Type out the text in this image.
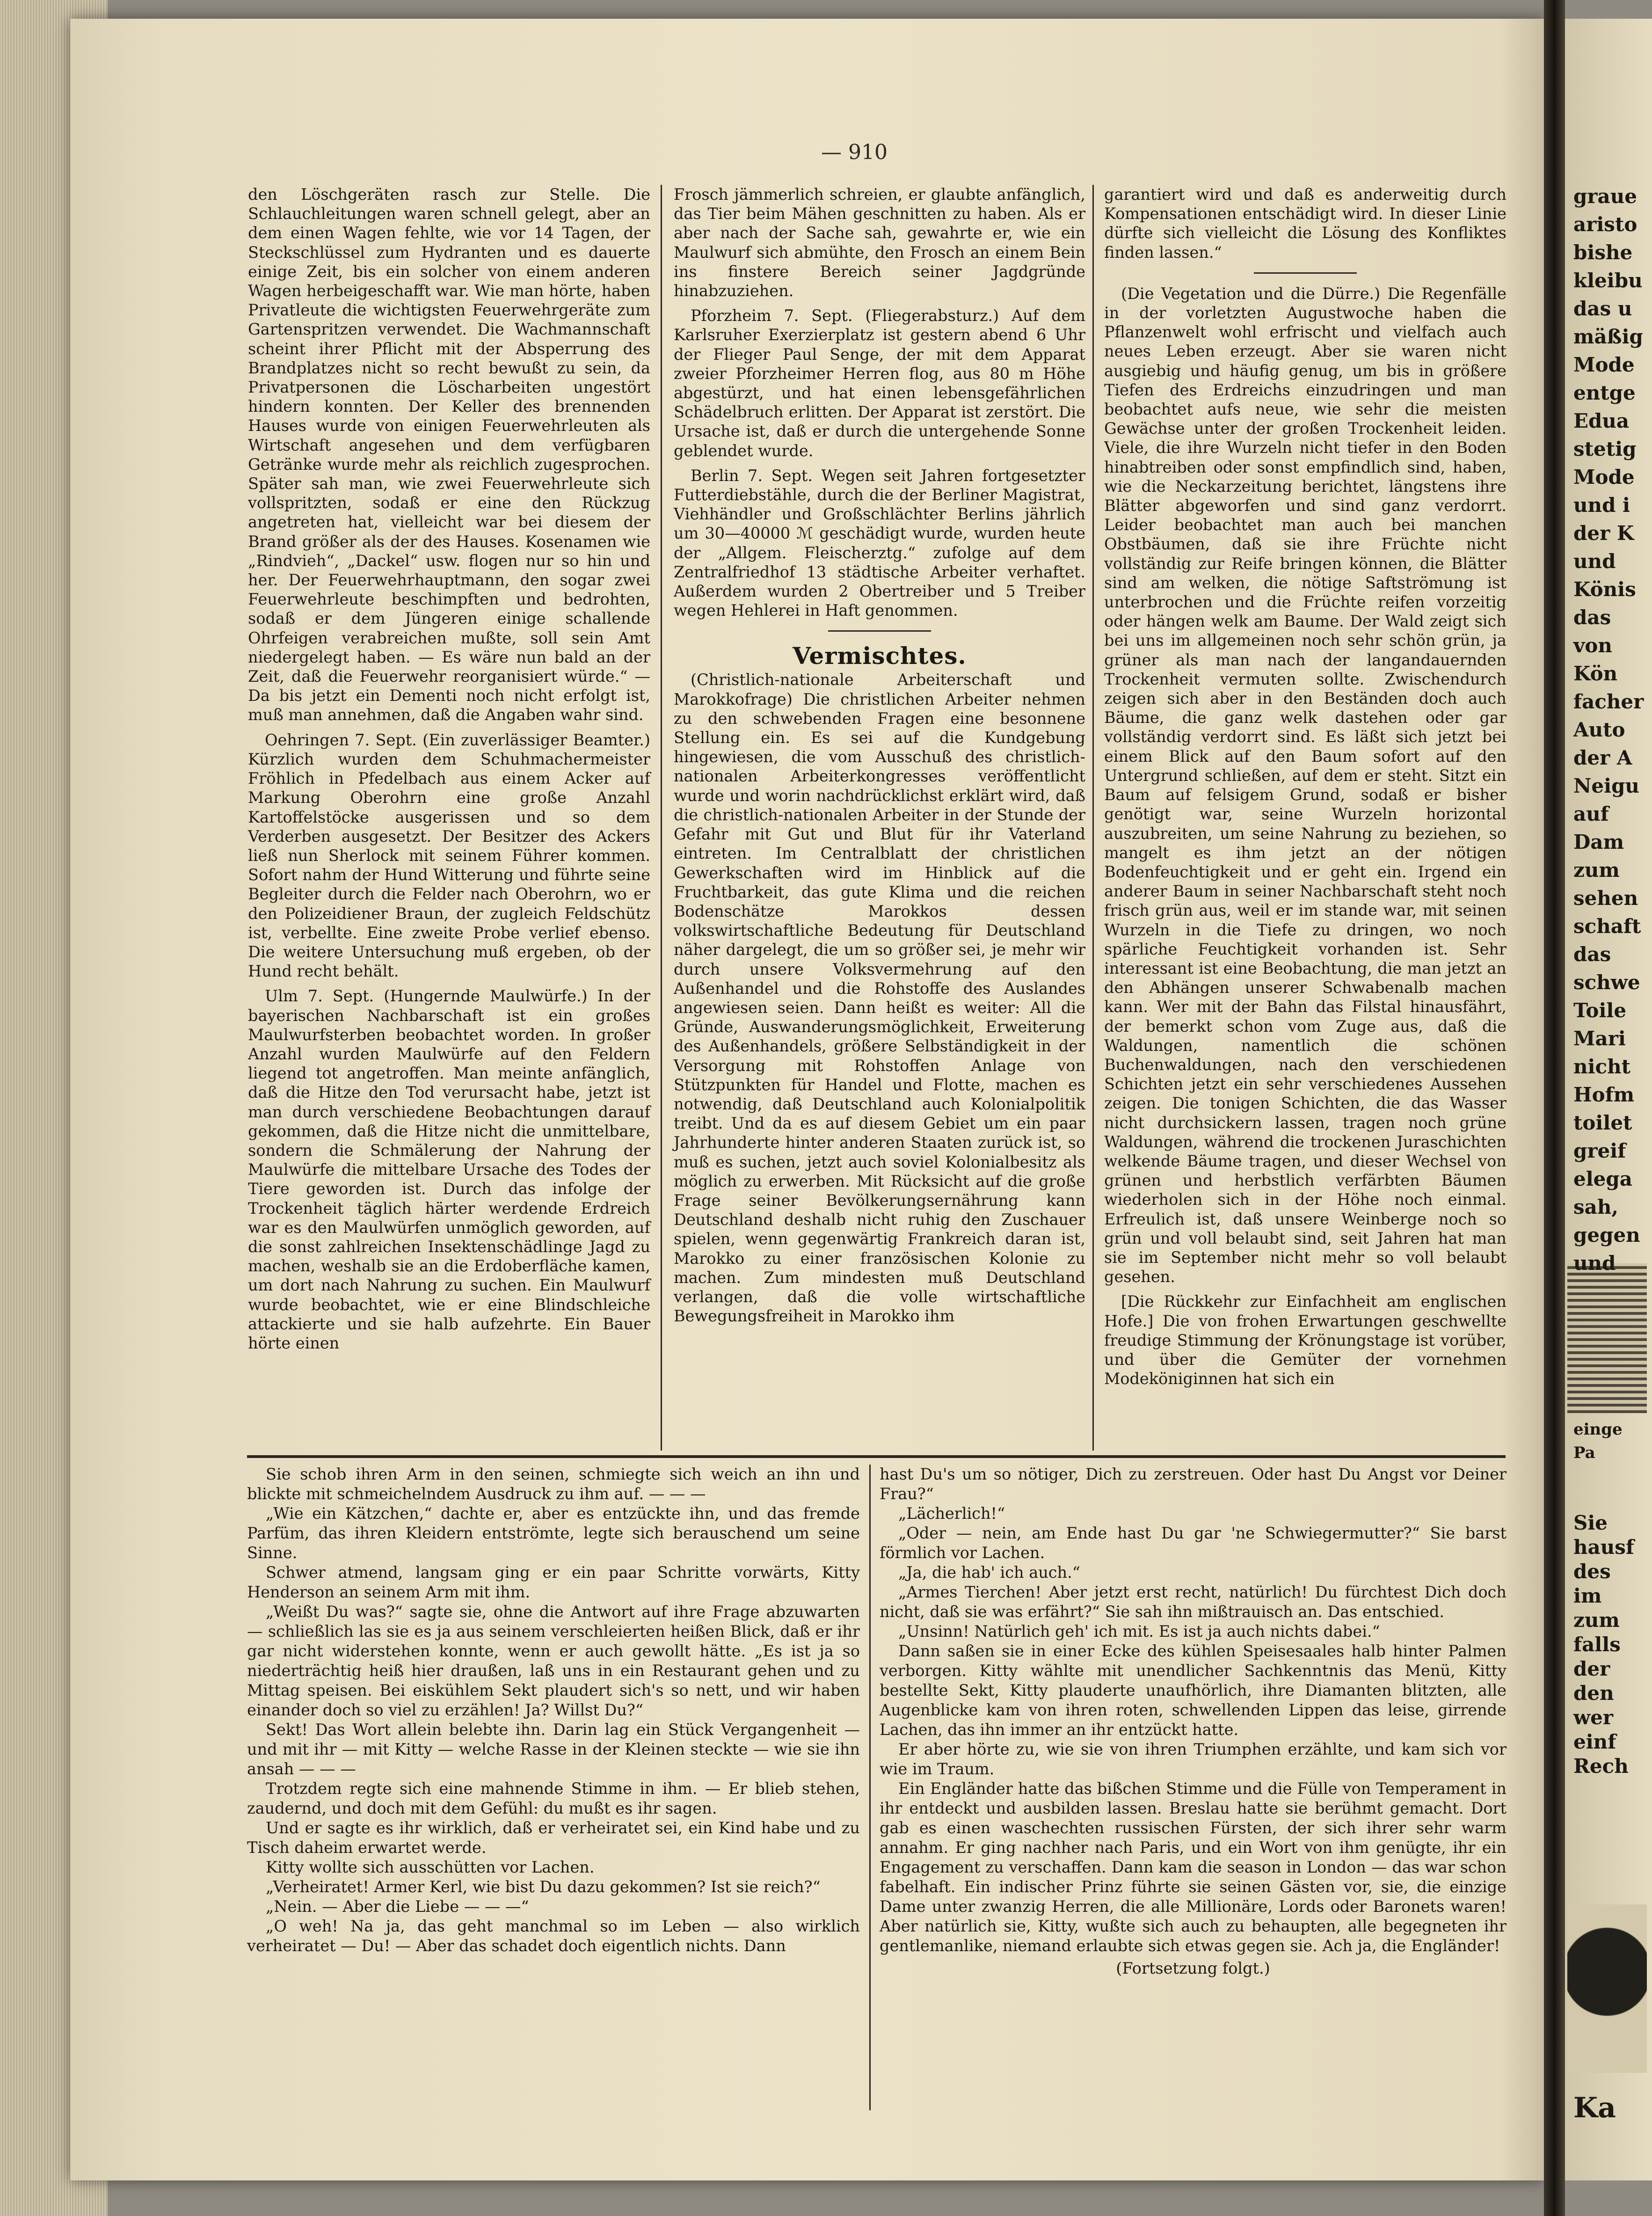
graue
aristo
bishe
kleibu
das u
mäßig
Mode
entge
Edua
stetig
Mode
und i
der K
und
Könis
das
von
Kön
facher
Auto
der A
Neigu
auf
Dam
zum
sehen
schaft
das
schwe
Toile
Mari
nicht
Hofm
toilet
greif
elega
sah,
gegen
und
Sie
hausf
des
im
zum
falls
der
den
wer
einf
Rech
einge
Pa
Ka
— 910

den Löschgeräten rasch zur Stelle. Die Schlauchleitungen waren schnell gelegt, aber an dem einen Wagen fehlte, wie vor 14 Tagen, der Steckschlüssel zum Hydranten und es dauerte einige Zeit, bis ein solcher von einem anderen Wagen herbeigeschafft war. Wie man hörte, haben Privatleute die wichtigsten Feuerwehrgeräte zum Gartenspritzen verwendet. Die Wachmannschaft scheint ihrer Pflicht mit der Absperrung des Brandplatzes nicht so recht bewußt zu sein, da Privatpersonen die Löscharbeiten ungestört hindern konnten. Der Keller des brennenden Hauses wurde von einigen Feuerwehrleuten als Wirtschaft angesehen und dem verfügbaren Getränke wurde mehr als reichlich zugesprochen. Später sah man, wie zwei Feuerwehrleute sich vollspritzten, sodaß er eine den Rückzug angetreten hat, vielleicht war bei diesem der Brand größer als der des Hauses. Kosenamen wie „Rindvieh“, „Dackel“ usw. flogen nur so hin und her. Der Feuerwehrhauptmann, den sogar zwei Feuerwehrleute beschimpften und bedrohten, sodaß er dem Jüngeren einige schallende Ohrfeigen verabreichen mußte, soll sein Amt niedergelegt haben. — Es wäre nun bald an der Zeit, daß die Feuerwehr reorganisiert würde.“ — Da bis jetzt ein Dementi noch nicht erfolgt ist, muß man annehmen, daß die Angaben wahr sind.

Oehringen 7. Sept. (Ein zuverlässiger Beamter.) Kürzlich wurden dem Schuhmachermeister Fröhlich in Pfedelbach aus einem Acker auf Markung Oberohrn eine große Anzahl Kartoffelstöcke ausgerissen und so dem Verderben ausgesetzt. Der Besitzer des Ackers ließ nun Sherlock mit seinem Führer kommen. Sofort nahm der Hund Witterung und führte seine Begleiter durch die Felder nach Oberohrn, wo er den Polizeidiener Braun, der zugleich Feldschütz ist, verbellte. Eine zweite Probe verlief ebenso. Die weitere Untersuchung muß ergeben, ob der Hund recht behält.

Ulm 7. Sept. (Hungernde Maulwürfe.) In der bayerischen Nachbarschaft ist ein großes Maulwurfsterben beobachtet worden. In großer Anzahl wurden Maulwürfe auf den Feldern liegend tot angetroffen. Man meinte anfänglich, daß die Hitze den Tod verursacht habe, jetzt ist man durch verschiedene Beobachtungen darauf gekommen, daß die Hitze nicht die unmittelbare, sondern die Schmälerung der Nahrung der Maulwürfe die mittelbare Ursache des Todes der Tiere geworden ist. Durch das infolge der Trockenheit täglich härter werdende Erdreich war es den Maulwürfen unmöglich geworden, auf die sonst zahlreichen Insektenschädlinge Jagd zu machen, weshalb sie an die Erdoberfläche kamen, um dort nach Nahrung zu suchen. Ein Maulwurf wurde beobachtet, wie er eine Blindschleiche attackierte und sie halb aufzehrte. Ein Bauer hörte einen

Frosch jämmerlich schreien, er glaubte anfänglich, das Tier beim Mähen geschnitten zu haben. Als er aber nach der Sache sah, gewahrte er, wie ein Maulwurf sich abmühte, den Frosch an einem Bein ins finstere Bereich seiner Jagdgründe hinabzuziehen.

Pforzheim 7. Sept. (Fliegerabsturz.) Auf dem Karlsruher Exerzierplatz ist gestern abend 6 Uhr der Flieger Paul Senge, der mit dem Apparat zweier Pforzheimer Herren flog, aus 80 m Höhe abgestürzt, und hat einen lebensgefährlichen Schädelbruch erlitten. Der Apparat ist zerstört. Die Ursache ist, daß er durch die untergehende Sonne geblendet wurde.

Berlin 7. Sept. Wegen seit Jahren fortgesetzter Futterdiebstähle, durch die der Berliner Magistrat, Viehhändler und Großschlächter Berlins jährlich um 30—40000 ℳ geschädigt wurde, wurden heute der „Allgem. Fleischerztg.“ zufolge auf dem Zentralfriedhof 13 städtische Arbeiter verhaftet. Außerdem wurden 2 Obertreiber und 5 Treiber wegen Hehlerei in Haft genommen.

Vermischtes.

(Christlich-nationale Arbeiterschaft und Marokkofrage) Die christlichen Arbeiter nehmen zu den schwebenden Fragen eine besonnene Stellung ein. Es sei auf die Kundgebung hingewiesen, die vom Ausschuß des christlich-nationalen Arbeiterkongresses veröffentlicht wurde und worin nachdrücklichst erklärt wird, daß die christlich-nationalen Arbeiter in der Stunde der Gefahr mit Gut und Blut für ihr Vaterland eintreten. Im Centralblatt der christlichen Gewerkschaften wird im Hinblick auf die Fruchtbarkeit, das gute Klima und die reichen Bodenschätze Marokkos dessen volkswirtschaftliche Bedeutung für Deutschland näher dargelegt, die um so größer sei, je mehr wir durch unsere Volksvermehrung auf den Außenhandel und die Rohstoffe des Auslandes angewiesen seien. Dann heißt es weiter: All die Gründe, Auswanderungsmöglichkeit, Erweiterung des Außenhandels, größere Selbständigkeit in der Versorgung mit Rohstoffen Anlage von Stützpunkten für Handel und Flotte, machen es notwendig, daß Deutschland auch Kolonialpolitik treibt. Und da es auf diesem Gebiet um ein paar Jahrhunderte hinter anderen Staaten zurück ist, so muß es suchen, jetzt auch soviel Kolonialbesitz als möglich zu erwerben. Mit Rücksicht auf die große Frage seiner Bevölkerungsernährung kann Deutschland deshalb nicht ruhig den Zuschauer spielen, wenn gegenwärtig Frankreich daran ist, Marokko zu einer französischen Kolonie zu machen. Zum mindesten muß Deutschland verlangen, daß die volle wirtschaftliche Bewegungsfreiheit in Marokko ihm

garantiert wird und daß es anderweitig durch Kompensationen entschädigt wird. In dieser Linie dürfte sich vielleicht die Lösung des Konfliktes finden lassen.“

(Die Vegetation und die Dürre.) Die Regenfälle in der vorletzten Augustwoche haben die Pflanzenwelt wohl erfrischt und vielfach auch neues Leben erzeugt. Aber sie waren nicht ausgiebig und häufig genug, um bis in größere Tiefen des Erdreichs einzudringen und man beobachtet aufs neue, wie sehr die meisten Gewächse unter der großen Trockenheit leiden. Viele, die ihre Wurzeln nicht tiefer in den Boden hinabtreiben oder sonst empfindlich sind, haben, wie die Neckarzeitung berichtet, längstens ihre Blätter abgeworfen und sind ganz verdorrt. Leider beobachtet man auch bei manchen Obstbäumen, daß sie ihre Früchte nicht vollständig zur Reife bringen können, die Blätter sind am welken, die nötige Saftströmung ist unterbrochen und die Früchte reifen vorzeitig oder hängen welk am Baume. Der Wald zeigt sich bei uns im allgemeinen noch sehr schön grün, ja grüner als man nach der langandauernden Trockenheit vermuten sollte. Zwischendurch zeigen sich aber in den Beständen doch auch Bäume, die ganz welk dastehen oder gar vollständig verdorrt sind. Es läßt sich jetzt bei einem Blick auf den Baum sofort auf den Untergrund schließen, auf dem er steht. Sitzt ein Baum auf felsigem Grund, sodaß er bisher genötigt war, seine Wurzeln horizontal auszubreiten, um seine Nahrung zu beziehen, so mangelt es ihm jetzt an der nötigen Bodenfeuchtigkeit und er geht ein. Irgend ein anderer Baum in seiner Nachbarschaft steht noch frisch grün aus, weil er im stande war, mit seinen Wurzeln in die Tiefe zu dringen, wo noch spärliche Feuchtigkeit vorhanden ist. Sehr interessant ist eine Beobachtung, die man jetzt an den Abhängen unserer Schwabenalb machen kann. Wer mit der Bahn das Filstal hinausfährt, der bemerkt schon vom Zuge aus, daß die Waldungen, namentlich die schönen Buchenwaldungen, nach den verschiedenen Schichten jetzt ein sehr verschiedenes Aussehen zeigen. Die tonigen Schichten, die das Wasser nicht durchsickern lassen, tragen noch grüne Waldungen, während die trockenen Juraschichten welkende Bäume tragen, und dieser Wechsel von grünen und herbstlich verfärbten Bäumen wiederholen sich in der Höhe noch einmal. Erfreulich ist, daß unsere Weinberge noch so grün und voll belaubt sind, seit Jahren hat man sie im September nicht mehr so voll belaubt gesehen.

[Die Rückkehr zur Einfachheit am englischen Hofe.] Die von frohen Erwartungen geschwellte freudige Stimmung der Krönungstage ist vorüber, und über die Gemüter der vornehmen Modeköniginnen hat sich ein

Sie schob ihren Arm in den seinen, schmiegte sich weich an ihn und blickte mit schmeichelndem Ausdruck zu ihm auf. — — —

„Wie ein Kätzchen,“ dachte er, aber es entzückte ihn, und das fremde Parfüm, das ihren Kleidern entströmte, legte sich berauschend um seine Sinne.

Schwer atmend, langsam ging er ein paar Schritte vorwärts, Kitty Henderson an seinem Arm mit ihm.

„Weißt Du was?“ sagte sie, ohne die Antwort auf ihre Frage abzuwarten — schließlich las sie es ja aus seinem verschleierten heißen Blick, daß er ihr gar nicht widerstehen konnte, wenn er auch gewollt hätte. „Es ist ja so niederträchtig heiß hier draußen, laß uns in ein Restaurant gehen und zu Mittag speisen. Bei eiskühlem Sekt plaudert sich's so nett, und wir haben einander doch so viel zu erzählen! Ja? Willst Du?“

Sekt! Das Wort allein belebte ihn. Darin lag ein Stück Vergangenheit — und mit ihr — mit Kitty — welche Rasse in der Kleinen steckte — wie sie ihn ansah — — —

Trotzdem regte sich eine mahnende Stimme in ihm. — Er blieb stehen, zaudernd, und doch mit dem Gefühl: du mußt es ihr sagen.

Und er sagte es ihr wirklich, daß er verheiratet sei, ein Kind habe und zu Tisch daheim erwartet werde.

Kitty wollte sich ausschütten vor Lachen.

„Verheiratet! Armer Kerl, wie bist Du dazu gekommen? Ist sie reich?“

„Nein. — Aber die Liebe — — —“

„O weh! Na ja, das geht manchmal so im Leben — also wirklich verheiratet — Du! — Aber das schadet doch eigentlich nichts. Dann

hast Du's um so nötiger, Dich zu zerstreuen. Oder hast Du Angst vor Deiner Frau?“

„Lächerlich!“

„Oder — nein, am Ende hast Du gar 'ne Schwiegermutter?“ Sie barst förmlich vor Lachen.

„Ja, die hab' ich auch.“

„Armes Tierchen! Aber jetzt erst recht, natürlich! Du fürchtest Dich doch nicht, daß sie was erfährt?“ Sie sah ihn mißtrauisch an. Das entschied.

„Unsinn! Natürlich geh' ich mit. Es ist ja auch nichts dabei.“

Dann saßen sie in einer Ecke des kühlen Speisesaales halb hinter Palmen verborgen. Kitty wählte mit unendlicher Sachkenntnis das Menü, Kitty bestellte Sekt, Kitty plauderte unaufhörlich, ihre Diamanten blitzten, alle Augenblicke kam von ihren roten, schwellenden Lippen das leise, girrende Lachen, das ihn immer an ihr entzückt hatte.

Er aber hörte zu, wie sie von ihren Triumphen erzählte, und kam sich vor wie im Traum.

Ein Engländer hatte das bißchen Stimme und die Fülle von Temperament in ihr entdeckt und ausbilden lassen. Breslau hatte sie berühmt gemacht. Dort gab es einen waschechten russischen Fürsten, der sich ihrer sehr warm annahm. Er ging nachher nach Paris, und ein Wort von ihm genügte, ihr ein Engagement zu verschaffen. Dann kam die season in London — das war schon fabelhaft. Ein indischer Prinz führte sie seinen Gästen vor, sie, die einzige Dame unter zwanzig Herren, die alle Millionäre, Lords oder Baronets waren! Aber natürlich sie, Kitty, wußte sich auch zu behaupten, alle begegneten ihr gentlemanlike, niemand erlaubte sich etwas gegen sie. Ach ja, die Engländer!

(Fortsetzung folgt.)
